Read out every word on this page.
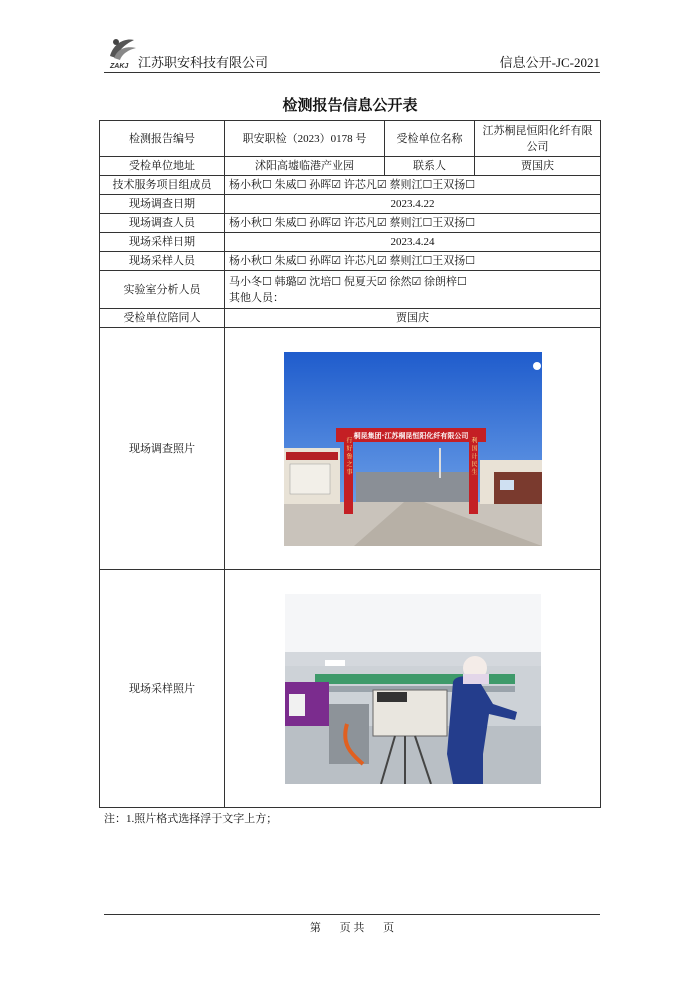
ZAKJ 江苏职安科技有限公司	信息公开-JC-2021
检测报告信息公开表
检测报告编号	职安职检（2023）0178 号	受检单位名称	江苏桐昆恒阳化纤有限公司
受检单位地址	沭阳高墟临港产业园	联系人	贾国庆
技术服务项目组成员	杨小秋☐ 朱威☐ 孙晖☑ 许芯凡☑ 蔡则江☐王双扬☐		
现场调查日期	2023.4.22		
现场调查人员	杨小秋☐ 朱威☐ 孙晖☑ 许芯凡☑ 蔡则江☐王双扬☐		
现场采样日期	2023.4.24		
现场采样人员	杨小秋☐ 朱威☐ 孙晖☑ 许芯凡☑ 蔡则江☐王双扬☐		
实验室分析人员	马小冬☐ 韩璐☑ 沈培☐ 倪夏天☑ 徐然☑ 徐朗梓☐
其他人员：		

受检单位陪同人	贾国庆		
现场调查照片	桐昆集团·江苏桐昆恒阳化纤有限公司
行 好 鲁 之 事 利 国 计 民 生		

现场采样照片	
注：1.照片格式选择浮于文字上方；
第 页 共 页
